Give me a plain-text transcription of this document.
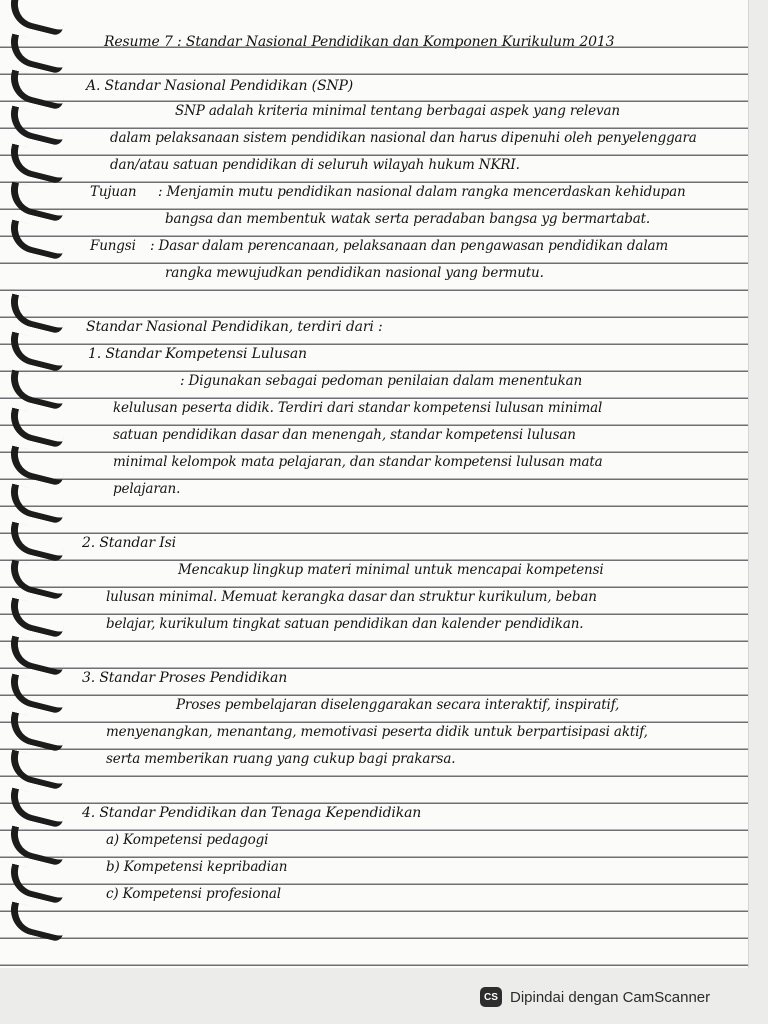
Resume 7 : Standar Nasional Pendidikan dan Komponen Kurikulum 2013
A. Standar Nasional Pendidikan (SNP)
SNP adalah kriteria minimal tentang berbagai aspek yang relevan
dalam pelaksanaan sistem pendidikan nasional dan harus dipenuhi oleh penyelenggara
dan/atau satuan pendidikan di seluruh wilayah hukum NKRI.
Tujuan : Menjamin mutu pendidikan nasional dalam rangka mencerdaskan kehidupan
bangsa dan membentuk watak serta peradaban bangsa yg bermartabat.
Fungsi : Dasar dalam perencanaan, pelaksanaan dan pengawasan pendidikan dalam
rangka mewujudkan pendidikan nasional yang bermutu.
Standar Nasional Pendidikan, terdiri dari :
1. Standar Kompetensi Lulusan
: Digunakan sebagai pedoman penilaian dalam menentukan
kelulusan peserta didik. Terdiri dari standar kompetensi lulusan minimal
satuan pendidikan dasar dan menengah, standar kompetensi lulusan
minimal kelompok mata pelajaran, dan standar kompetensi lulusan mata
pelajaran.
2. Standar Isi
Mencakup lingkup materi minimal untuk mencapai kompetensi
lulusan minimal. Memuat kerangka dasar dan struktur kurikulum, beban
belajar, kurikulum tingkat satuan pendidikan dan kalender pendidikan.
3. Standar Proses Pendidikan
Proses pembelajaran diselenggarakan secara interaktif, inspiratif,
menyenangkan, menantang, memotivasi peserta didik untuk berpartisipasi aktif,
serta memberikan ruang yang cukup bagi prakarsa.
4. Standar Pendidikan dan Tenaga Kependidikan
a) Kompetensi pedagogi
b) Kompetensi kepribadian
c) Kompetensi profesional
CS Dipindai dengan CamScanner
